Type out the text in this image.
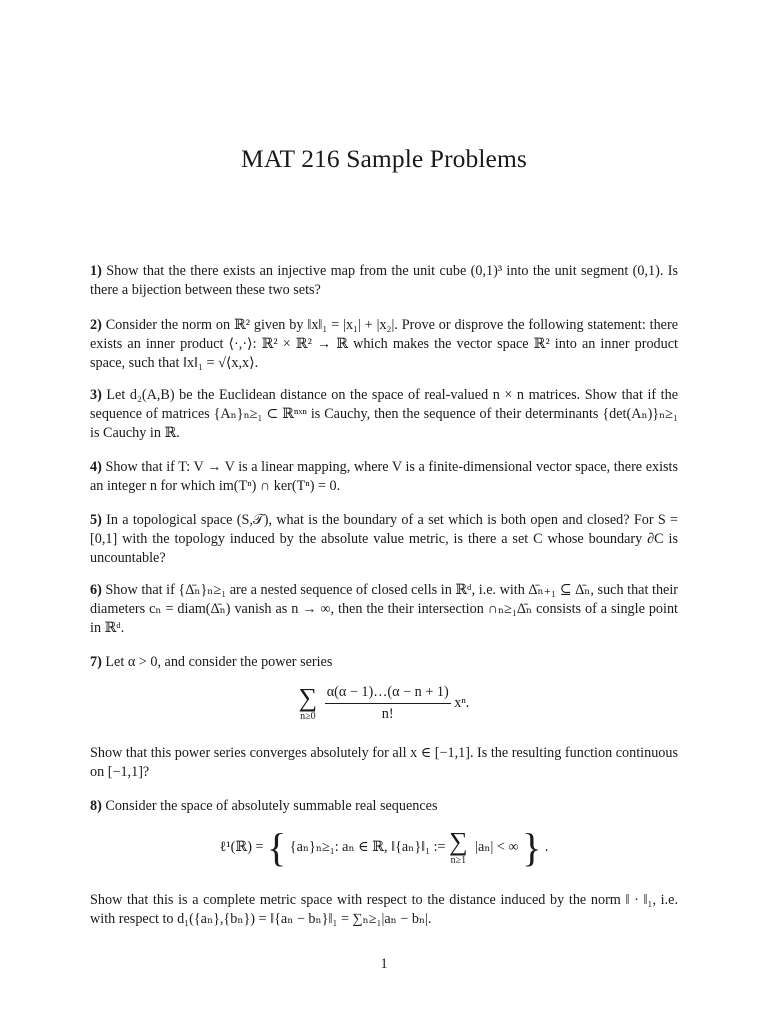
MAT 216 Sample Problems
1) Show that the there exists an injective map from the unit cube (0,1)³ into the unit segment (0,1). Is there a bijection between these two sets?
2) Consider the norm on ℝ² given by ‖x‖₁ = |x₁| + |x₂|. Prove or disprove the following statement: there exists an inner product ⟨·,·⟩: ℝ² × ℝ² → ℝ which makes the vector space ℝ² into an inner product space, such that ‖x‖₁ = √⟨x,x⟩.
3) Let d₂(A,B) be the Euclidean distance on the space of real-valued n × n matrices. Show that if the sequence of matrices {Aₙ}ₙ≥₁ ⊂ ℝⁿˣⁿ is Cauchy, then the sequence of their determinants {det(Aₙ)}ₙ≥₁ is Cauchy in ℝ.
4) Show that if T: V → V is a linear mapping, where V is a finite-dimensional vector space, there exists an integer n for which im(Tⁿ) ∩ ker(Tⁿ) = 0.
5) In a topological space (S,𝒯), what is the boundary of a set which is both open and closed? For S = [0,1] with the topology induced by the absolute value metric, is there a set C whose boundary ∂C is uncountable?
6) Show that if {Δ̄ₙ}ₙ≥₁ are a nested sequence of closed cells in ℝᵈ, i.e. with Δ̄ₙ₊₁ ⊆ Δ̄ₙ, such that their diameters cₙ = diam(Δ̄ₙ) vanish as n → ∞, then the their intersection ∩ₙ≥₁Δ̄ₙ consists of a single point in ℝᵈ.
7) Let α > 0, and consider the power series
∑
n≥0
$\frac{\alpha(\alpha - 1)\dots(\alpha - n + 1)}{n!} x^n$.
Show that this power series converges absolutely for all x ∈ [−1,1]. Is the resulting function continuous on [−1,1]?
8) Consider the space of absolutely summable real sequences
ℓ¹(ℝ) = { {aₙ}ₙ≥₁: aₙ ∈ ℝ, ‖{aₙ}‖₁ := ∑
n≥1
|aₙ| < ∞ } .
Show that this is a complete metric space with respect to the distance induced by the norm ‖ · ‖₁, i.e. with respect to d₁({aₙ},{bₙ}) = ‖{aₙ − bₙ}‖₁ = ∑ₙ≥₁|aₙ − bₙ|.
1
